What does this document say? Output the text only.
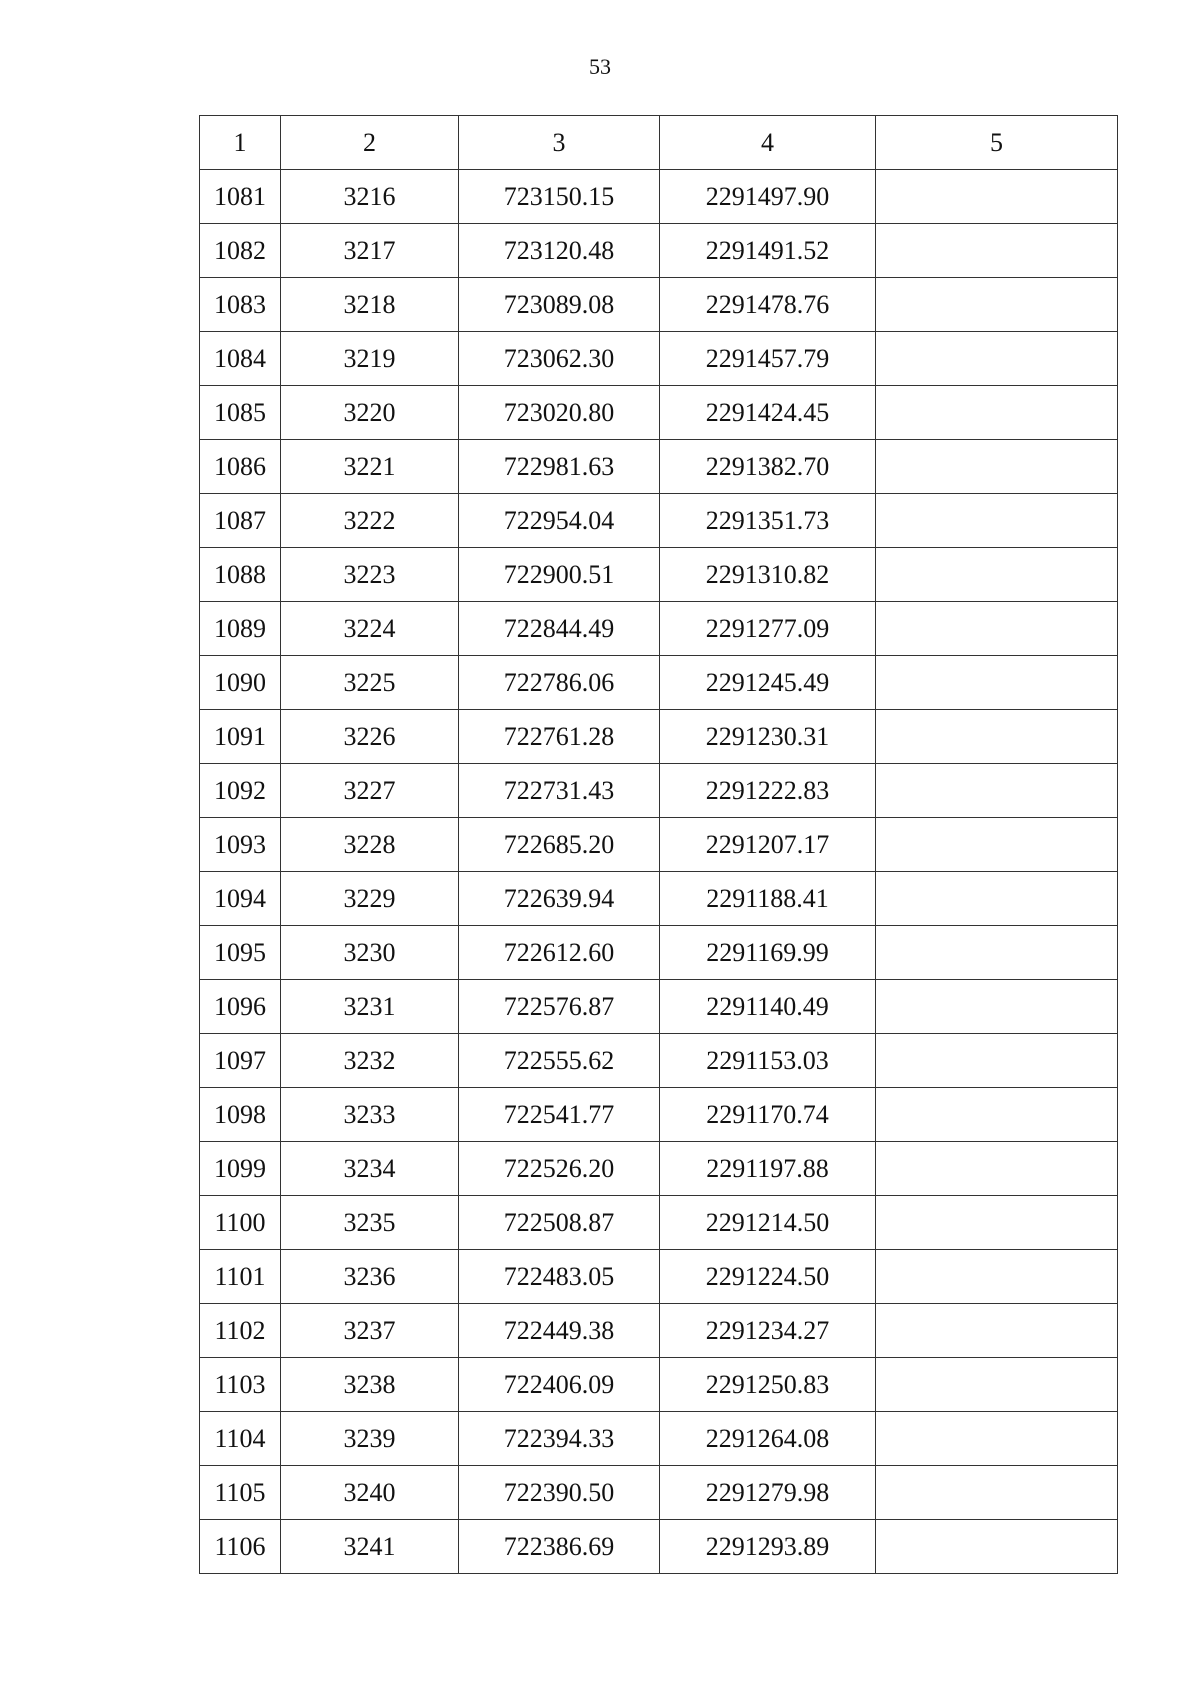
53
1	2	3	4	5
1081	3216	723150.15	2291497.90	
1082	3217	723120.48	2291491.52	
1083	3218	723089.08	2291478.76	
1084	3219	723062.30	2291457.79	
1085	3220	723020.80	2291424.45	
1086	3221	722981.63	2291382.70	
1087	3222	722954.04	2291351.73	
1088	3223	722900.51	2291310.82	
1089	3224	722844.49	2291277.09	
1090	3225	722786.06	2291245.49	
1091	3226	722761.28	2291230.31	
1092	3227	722731.43	2291222.83	
1093	3228	722685.20	2291207.17	
1094	3229	722639.94	2291188.41	
1095	3230	722612.60	2291169.99	
1096	3231	722576.87	2291140.49	
1097	3232	722555.62	2291153.03	
1098	3233	722541.77	2291170.74	
1099	3234	722526.20	2291197.88	
1100	3235	722508.87	2291214.50	
1101	3236	722483.05	2291224.50	
1102	3237	722449.38	2291234.27	
1103	3238	722406.09	2291250.83	
1104	3239	722394.33	2291264.08	
1105	3240	722390.50	2291279.98	
1106	3241	722386.69	2291293.89	
